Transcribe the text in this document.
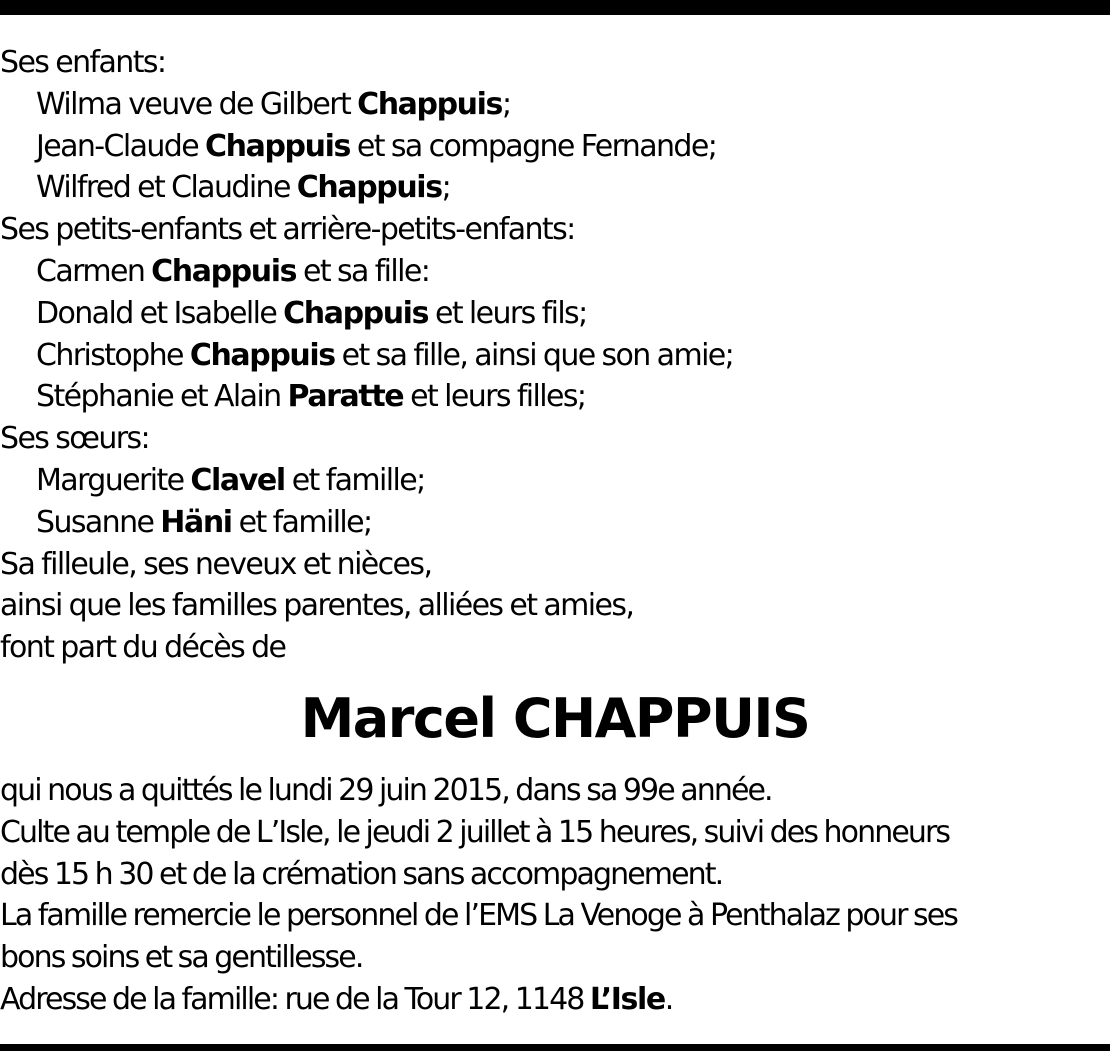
Ses enfants:
Wilma veuve de Gilbert Chappuis;
Jean-Claude Chappuis et sa compagne Fernande;
Wilfred et Claudine Chappuis;
Ses petits-enfants et arrière-petits-enfants:
Carmen Chappuis et sa fille:
Donald et Isabelle Chappuis et leurs fils;
Christophe Chappuis et sa fille, ainsi que son amie;
Stéphanie et Alain Paratte et leurs filles;
Ses sœurs:
Marguerite Clavel et famille;
Susanne Häni et famille;
Sa filleule, ses neveux et nièces,
ainsi que les familles parentes, alliées et amies,
font part du décès de
Marcel CHAPPUIS
qui nous a quittés le lundi 29 juin 2015, dans sa 99e année.
Culte au temple de L’Isle, le jeudi 2 juillet à 15 heures, suivi des honneurs
dès 15 h 30 et de la crémation sans accompagnement.
La famille remercie le personnel de l’EMS La Venoge à Penthalaz pour ses
bons soins et sa gentillesse.
Adresse de la famille: rue de la Tour 12, 1148 L’Isle.
